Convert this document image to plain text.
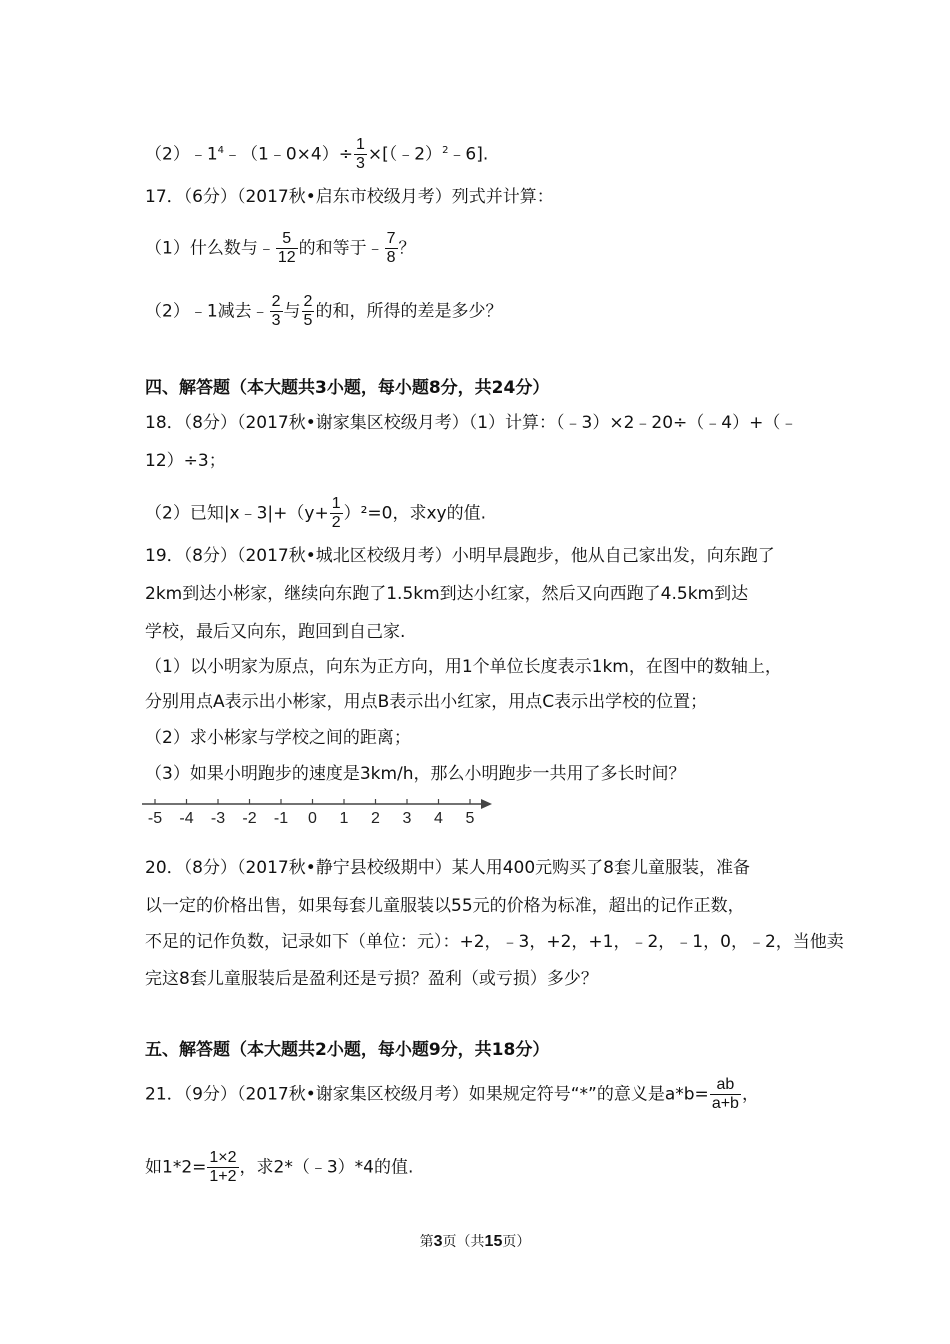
$(2)﹣1^4﹣(1﹣0\times 4)\div \frac{1}{3}$ ×[（﹣2）$^2$﹣6].
17．（6分）（2017秋•启东市校级月考）列式并计算：
（1）什么数与﹣ $\frac{5}{12}$ 的和等于﹣ $\frac{7}{8}$ ？
（2）﹣1减去﹣ $\frac{2}{3}$ 与 $\frac{2}{5}$ 的和，所得的差是多少？
四、解答题（本大题共3小题，每小题8分，共24分）
18．（8分）（2017秋•谢家集区校级月考）（1）计算：（﹣3）×2﹣20÷（﹣4）+（﹣
12）÷3；
（2）已知|x﹣3|+（y+ $\frac{1}{2} )^2=0$，求xy的值.
19．（8分）（2017秋•城北区校级月考）小明早晨跑步，他从自己家出发，向东跑了
2km到达小彬家，继续向东跑了1.5km到达小红家，然后又向西跑了4.5km到达
学校，最后又向东，跑回到自己家.
（1）以小明家为原点，向东为正方向，用1个单位长度表示1km，在图中的数轴上，
分别用点A表示出小彬家，用点B表示出小红家，用点C表示出学校的位置；
（2）求小彬家与学校之间的距离；
（3）如果小明跑步的速度是3km/h，那么小明跑步一共用了多长时间？
-5 -4 -3 -2 -1 0 1 2 3 4 5
20．（8分）（2017秋•静宁县校级期中）某人用400元购买了8套儿童服装，准备
以一定的价格出售，如果每套儿童服装以55元的价格为标准，超出的记作正数，
不足的记作负数，记录如下（单位：元）：+2，﹣3，+2，+1，﹣2，﹣1，0，﹣2，当他卖
完这8套儿童服装后是盈利还是亏损？盈利（或亏损）多少？
五、解答题（本大题共2小题，每小题9分，共18分）
21．（9分）（2017秋•谢家集区校级月考）如果规定符号“*”的意义是$a*b= \frac{ab}{a+b}$ ，
如$1*2= \frac{1\times 2}{1+2}$ ，求2*（﹣3）*4的值.
第3页（共15页）
